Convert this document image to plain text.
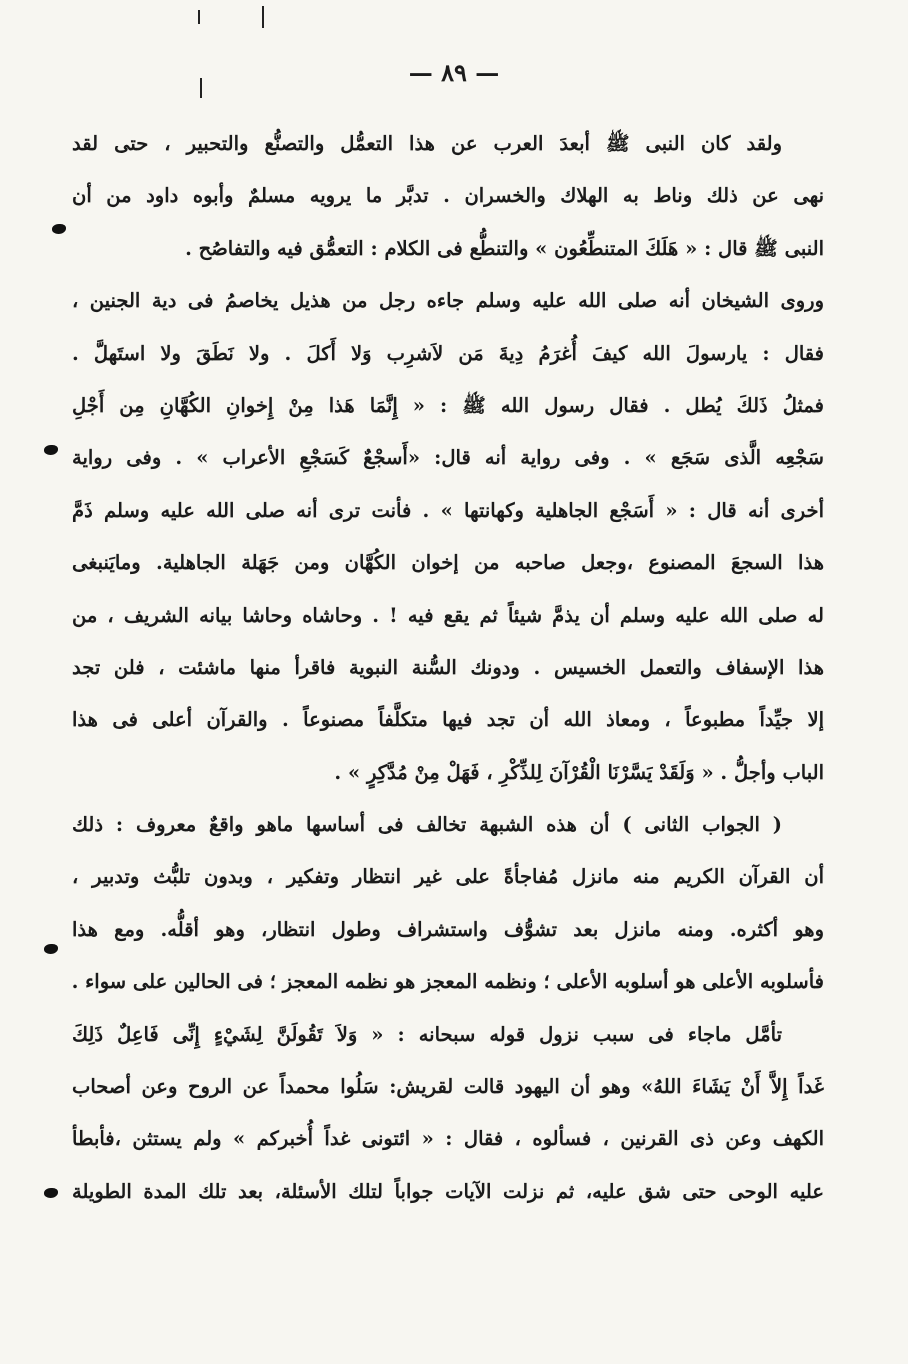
— ٨٩ —
ولقد كان النبى ﷺ أبعدَ العرب عن هذا التعمُّل والتصنُّع والتحبير ، حتى لقد
نهى عن ذلك وناط به الهلاك والخسران . تدبَّر ما يرويه مسلمٌ وأبوه داود من أن
النبى ﷺ قال : « هَلَكَ المتنطِّعُون » والتنطُّع فى الكلام : التعمُّق فيه والتفاصُح .
وروى الشيخان أنه صلى الله عليه وسلم جاءه رجل من هذيل يخاصمُ فى دية الجنين ،
فقال : يارسولَ الله كيفَ أُغرَمُ دِيةَ مَن لاَشرِب وَلا أَكلَ . ولا نَطَقَ ولا استَهلَّ .
فمثلُ ذَلكَ يُطل . فقال رسول الله ﷺ : « إِنَّمَا هَذا مِنْ إِخوانِ الكُهَّانِ مِن أَجْلِ
سَجْعِه الَّذى سَجَع » . وفى رواية أنه قال: «أَسجْعٌ كَسَجْعِ الأعراب » . وفى رواية
أخرى أنه قال : « أَسَجْع الجاهلية وكهانتها » . فأنت ترى أنه صلى الله عليه وسلم ذَمَّ
هذا السجعَ المصنوع ،وجعل صاحبه من إخوان الكُهَّان ومن جَهَلة الجاهلية. ومايَنبغى
له صلى الله عليه وسلم أن يذمَّ شيئاً ثم يقع فيه ! . وحاشاه وحاشا بيانه الشريف ، من
هذا الإسفاف والتعمل الخسيس . ودونك السُّنة النبوية فاقرأ منها ماشئت ، فلن تجد
إلا جيِّداً مطبوعاً ، ومعاذ الله أن تجد فيها متكلَّفاً مصنوعاً . والقرآن أعلى فى هذا
الباب وأجلُّ . « وَلَقَدْ يَسَّرْنَا الْقُرْآنَ لِلذِّكْرِ ، فَهَلْ مِنْ مُدَّكِرٍ » .
( الجواب الثانى ) أن هذه الشبهة تخالف فى أساسها ماهو واقعٌ معروف : ذلك
أن القرآن الكريم منه مانزل مُفاجأةً على غير انتظار وتفكير ، وبدون تلبُّث وتدبير ،
وهو أكثره. ومنه مانزل بعد تشوُّف واستشراف وطول انتظار، وهو أقلُّه. ومع هذا
فأسلوبه الأعلى هو أسلوبه الأعلى ؛ ونظمه المعجز هو نظمه المعجز ؛ فى الحالين على سواء .
تأمَّل ماجاء فى سبب نزول قوله سبحانه : « وَلاَ تَقُولَنَّ لِشَيْءٍ إِنِّى فَاعِلٌ ذَلِكَ
غَداً إِلاَّ أَنْ يَشَاءَ اللهُ» وهو أن اليهود قالت لقريش: سَلُوا محمداً عن الروح وعن أصحاب
الكهف وعن ذى القرنين ، فسألوه ، فقال : « ائتونى غداً أُخبركم » ولم يستثن ،فأبطأ
عليه الوحى حتى شق عليه، ثم نزلت الآيات جواباً لتلك الأسئلة، بعد تلك المدة الطويلة
